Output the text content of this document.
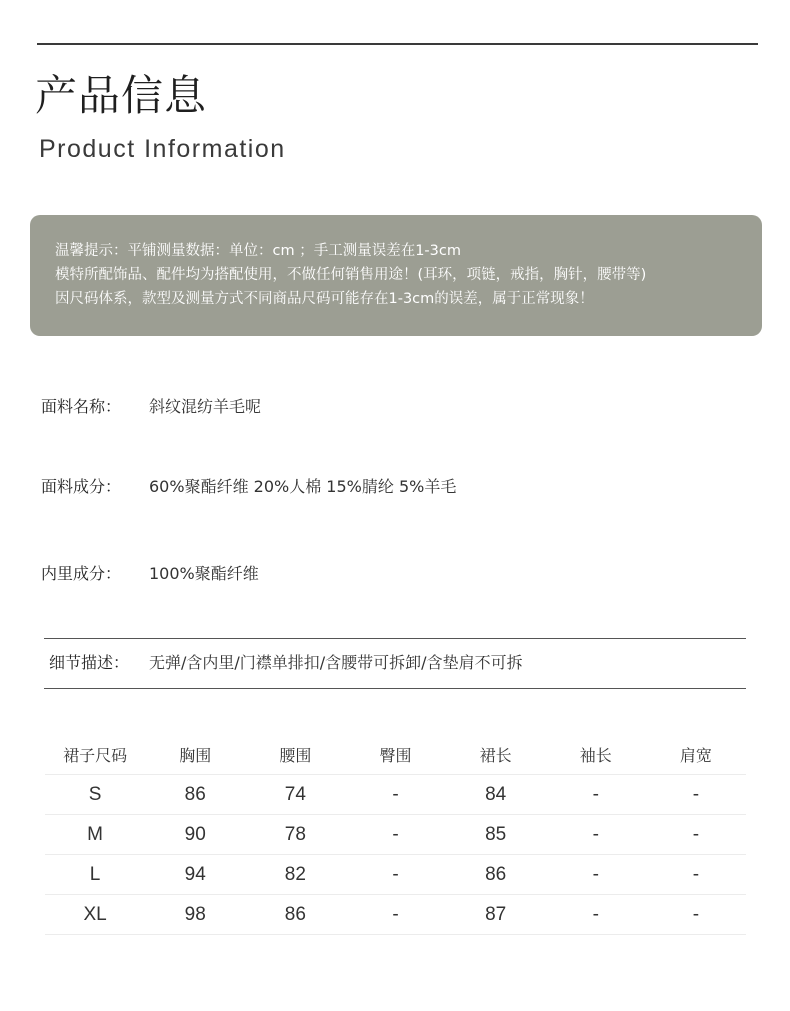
产品信息
Product Information
温馨提示：平铺测量数据：单位：cm ；手工测量误差在1-3cm
模特所配饰品、配件均为搭配使用，不做任何销售用途！(耳环，项链，戒指，胸针，腰带等)
因尺码体系，款型及测量方式不同商品尺码可能存在1-3cm的误差，属于正常现象！
面料名称： 斜纹混纺羊毛呢
面料成分： 60%聚酯纤维 20%人棉 15%腈纶 5%羊毛
内里成分： 100%聚酯纤维
细节描述： 无弹/含内里/门襟单排扣/含腰带可拆卸/含垫肩不可拆
裙子尺码	胸围	腰围	臀围	裙长	袖长	肩宽
S	86	74	-	84	-	-
M	90	78	-	85	-	-
L	94	82	-	86	-	-
XL	98	86	-	87	-	-
